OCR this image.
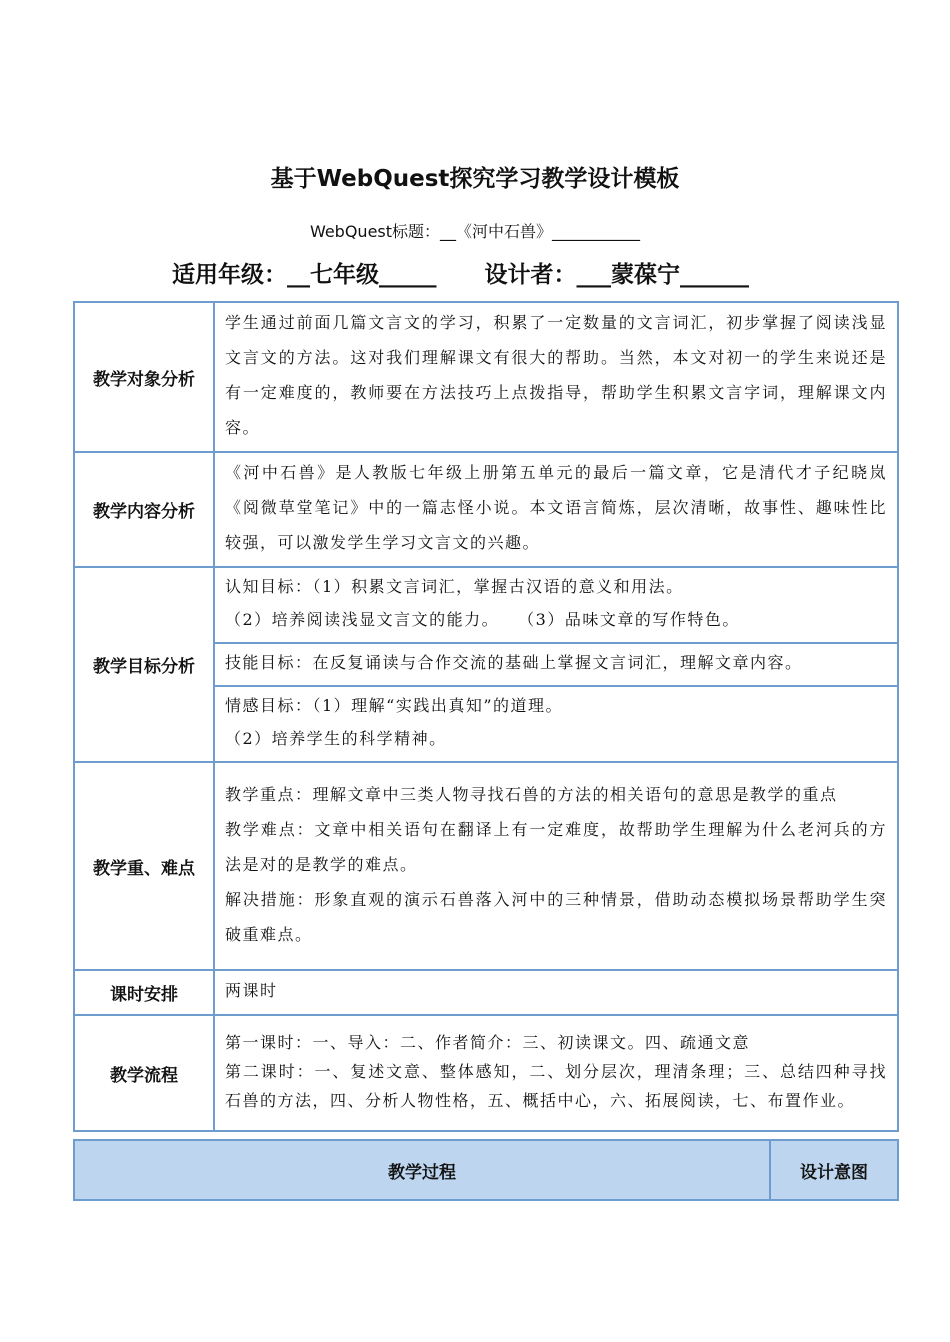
基于WebQuest探究学习教学设计模板
WebQuest标题：__《河中石兽》___________
适用年级：__七年级_____ 设计者：___蒙葆宁______
教学对象分析	学生通过前面几篇文言文的学习，积累了一定数量的文言词汇，初步掌握了阅读浅显文言文的方法。这对我们理解课文有很大的帮助。当然，本文对初一的学生来说还是有一定难度的，教师要在方法技巧上点拨指导，帮助学生积累文言字词，理解课文内容。
教学内容分析	《河中石兽》是人教版七年级上册第五单元的最后一篇文章，它是清代才子纪晓岚《阅微草堂笔记》中的一篇志怪小说。本文语言简炼，层次清晰，故事性、趣味性比较强，可以激发学生学习文言文的兴趣。
教学目标分析	认知目标：（1）积累文言词汇，掌握古汉语的意义和用法。

（2）培养阅读浅显文言文的能力。　　（3）品味文章的写作特色。

	技能目标：在反复诵读与合作交流的基础上掌握文言词汇，理解文章内容。

	情感目标：（1）理解“实践出真知”的道理。

（2）培养学生的科学精神。

教学重、难点	教学重点：理解文章中三类人物寻找石兽的方法的相关语句的意思是教学的重点

教学难点：文章中相关语句在翻译上有一定难度，故帮助学生理解为什么老河兵的方法是对的是教学的难点。

解决措施：形象直观的演示石兽落入河中的三种情景，借助动态模拟场景帮助学生突破重难点。

课时安排	两课时
教学流程	第一课时：一、导入：二、作者简介：三、初读课文。四、疏通文意

第二课时：一、复述文意、整体感知，二、划分层次，理清条理；三、总结四种寻找石兽的方法，四、分析人物性格，五、概括中心，六、拓展阅读，七、布置作业。

教学过程	设计意图
